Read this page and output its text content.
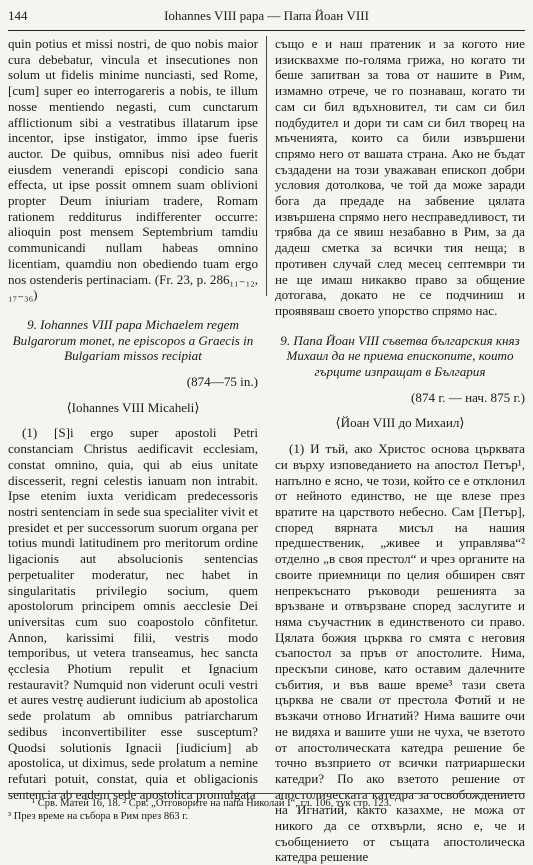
144	Iohannes VIII papa — Папа Йоан VIII

quin potius et missi nostri, de quo nobis maior cura debebatur, vincula et insecutiones non solum ut fidelis minime nunciasti, sed Rome, [cum] super eo interrogareris a nobis, te illum nosse mentiendo negasti, cum cunctarum afflictionum sibi a vestratibus illatarum ipse incentor, ipse instigator, immo ipse fueris auctor. De quibus, omnibus nisi adeo fuerit eiusdem venerandi episcopi condicio sana effecta, ut ipse possit omnem suam oblivioni propter Deum iniuriam tradere, Romam rationem redditurus indifferenter occurre: alioquin post mensem Septembrium tamdiu communicandi nullam habeas omnino licentiam, quamdiu non obediendo tuam ergo nos ostenderis pertinaciam. (Fr. 23, p. 286₁₁₋₁₂, ₁₇₋₃₆)

9. Iohannes VIII papa Michaelem regem Bulgarorum monet, ne episcopos a Graecis in Bulgariam missos recipiat

(874—75 in.)

⟨Iohannes VIII Micaheli⟩

(1) [S]i ergo super apostoli Petri constanciam Christus aedificavit ecclesiam, constat omnino, quia, qui ab eius unitate discesserit, regni celestis ianuam non intrabit. Ipse etenim iuxta veridicam predecessoris nostri sentenciam in sede sua specialiter vivit et presidet et per successorum suorum organa per totius mundi latitudinem pro meritorum ordine ligacionis aut absolucionis sentencias perpetualiter moderatur, nec habet in singularitatis privilegio socium, quem apostolorum principem omnis aecclesie Dei universitas cum suo coapostolo cŏnfitetur. Annon, karissimi filii, vestris modo temporibus, ut vetera transeamus, hec sancta ęcclesia Photium repulit et Ignacium restauravit? Numquid non viderunt oculi vestri et aures vestrę audierunt iudicium ab apostolica sede prolatum ab omnibus patriarcharum sedibus inconvertibiliter esse susceptum? Quodsi solutionis Ignacii [iudicium] ab apostolica, ut diximus, sede prolatum a nemine refutari potuit, constat, quia et obligacionis sentencia ab eadem sede apostolica promulgata

също е и наш пратеник и за когото ние изисквахме по-голяма грижа, но когато ти беше запитван за това от нашите в Рим, измамно отрече, че го познаваш, когато ти сам си бил вдъхновител, ти сам си бил подбудител и дори ти сам си бил творец на мъченията, които са били извършени спрямо него от вашата страна. Ако не бъдат създадени на този уважаван епископ добри условия дотолкова, че той да може заради бога да предаде на забвение цялата извършена спрямо него несправедливост, ти трябва да се явиш незабавно в Рим, за да дадеш сметка за всички тия неща; в противен случай след месец септември ти не ще имаш никакво право за общение дотогава, докато не се подчиниш и проявяваш своето упорство спрямо нас.

9. Папа Йоан VIII съветва българския княз Михаил да не приема епископите, които гърците изпращат в България

(874 г. — нач. 875 г.)

⟨Йоан VIII до Михаил⟩

(1) И тъй, ако Христос основа църквата си върху изповеданието на апостол Петър¹, напълно е ясно, че този, който се е отклонил от нейното единство, не ще влезе през вратите на царството небесно. Сам [Петър], според вярната мисъл на нашия предшественик, „живее и управлява“² отделно „в своя престол“ и чрез органите на своите приемници по целия обширен свят непрекъснато ръководи решенията за връзване и отвързване според заслугите и няма съучастник в единственото си право. Цялата божия църква го смята с неговия съапостол за пръв от апостолите. Нима, прескъпи синове, като оставим далечните събития, и във ваше време³ тази света църква не свали от престола Фотий и не възкачи отново Игнатий? Нима вашите очи не видяха и вашите уши не чуха, че взетото от апостолическата катедра решение бе точно възприето от всички патриаршески катедри? По ако взетото решение от апостолическата катедра за освобождението на Игнатий, както казахме, не можа от никого да се отхвърли, ясно е, че и съобщението от същата апостолическа катедра решение

¹ Срв. Матей 16, 18. ² Срв. „Отговорите на папа Николай I“, гл. 106, тук стр. 123.
³ През време на събора в Рим през 863 г.
